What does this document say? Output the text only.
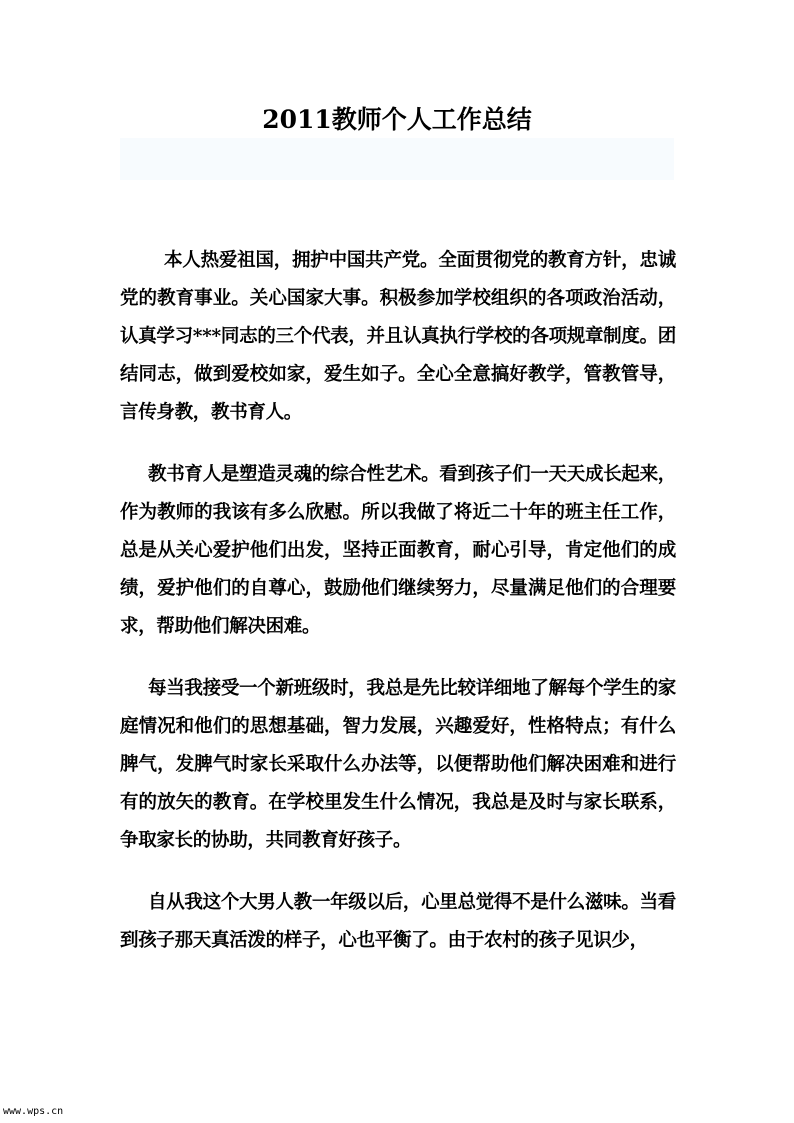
2011教师个人工作总结

本人热爱祖国，拥护中国共产党。全面贯彻党的教育方针，忠诚党的教育事业。关心国家大事。积极参加学校组织的各项政治活动，认真学习***同志的三个代表，并且认真执行学校的各项规章制度。团结同志，做到爱校如家，爱生如子。全心全意搞好教学，管教管导，言传身教，教书育人。

教书育人是塑造灵魂的综合性艺术。看到孩子们一天天成长起来，作为教师的我该有多么欣慰。所以我做了将近二十年的班主任工作，总是从关心爱护他们出发，坚持正面教育，耐心引导，肯定他们的成绩，爱护他们的自尊心，鼓励他们继续努力，尽量满足他们的合理要求，帮助他们解决困难。

每当我接受一个新班级时，我总是先比较详细地了解每个学生的家庭情况和他们的思想基础，智力发展，兴趣爱好，性格特点；有什么脾气，发脾气时家长采取什么办法等，以便帮助他们解决困难和进行有的放矢的教育。在学校里发生什么情况，我总是及时与家长联系，争取家长的协助，共同教育好孩子。

自从我这个大男人教一年级以后，心里总觉得不是什么滋味。当看到孩子那天真活泼的样子，心也平衡了。由于农村的孩子见识少，

www.wps.cn
